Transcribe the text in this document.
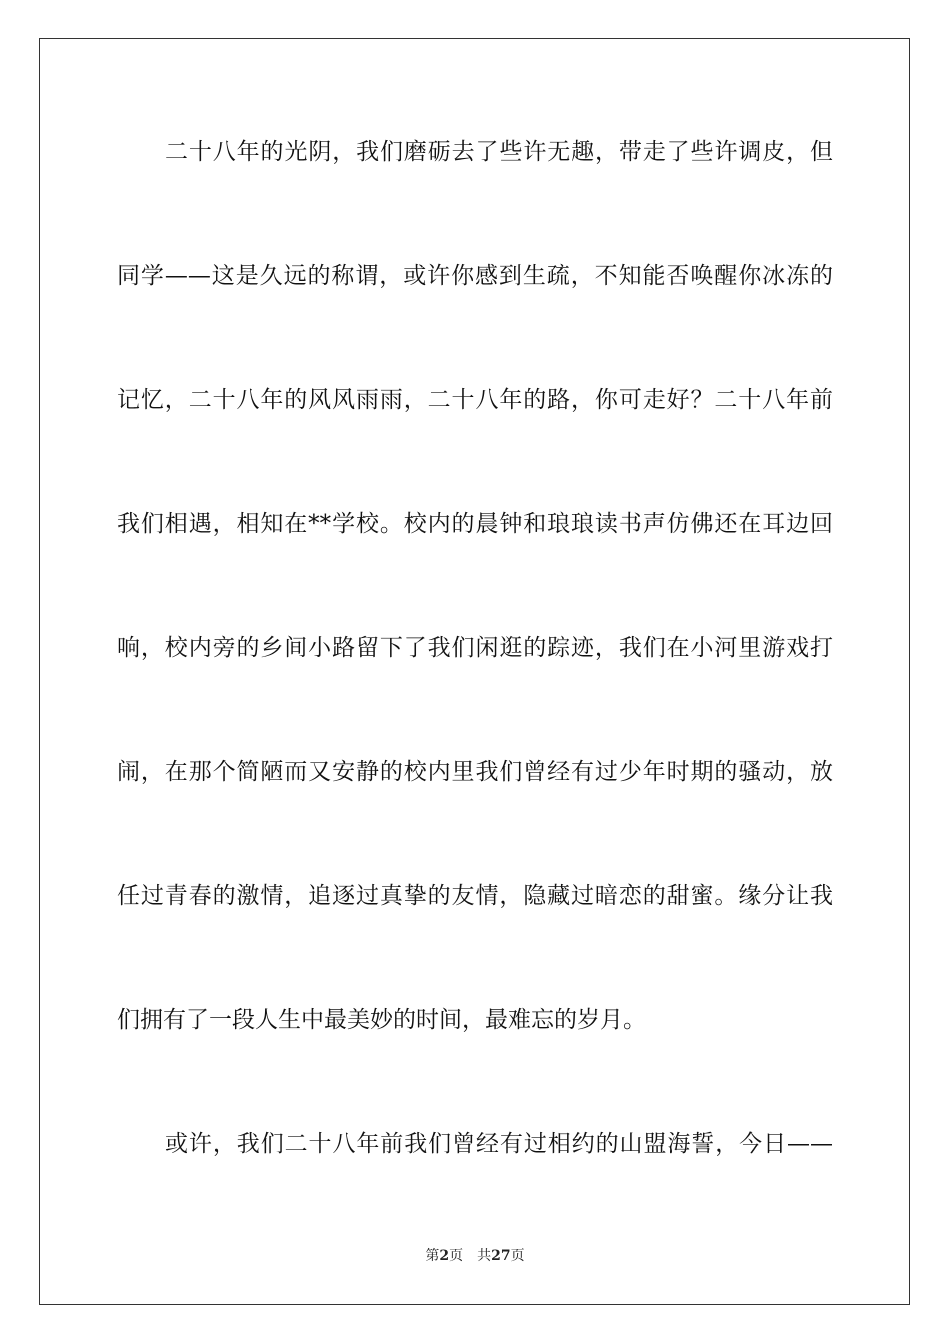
二十八年的光阴，我们磨砺去了些许无趣，带走了些许调皮，但
同学——这是久远的称谓，或许你感到生疏，不知能否唤醒你冰冻的
记忆，二十八年的风风雨雨，二十八年的路，你可走好？二十八年前
我们相遇，相知在**学校。校内的晨钟和琅琅读书声仿佛还在耳边回
响，校内旁的乡间小路留下了我们闲逛的踪迹，我们在小河里游戏打
闹，在那个简陋而又安静的校内里我们曾经有过少年时期的骚动，放
任过青春的激情，追逐过真挚的友情，隐藏过暗恋的甜蜜。缘分让我
们拥有了一段人生中最美妙的时间，最难忘的岁月。
或许，我们二十八年前我们曾经有过相约的山盟海誓，今日——
第2页 共27页
